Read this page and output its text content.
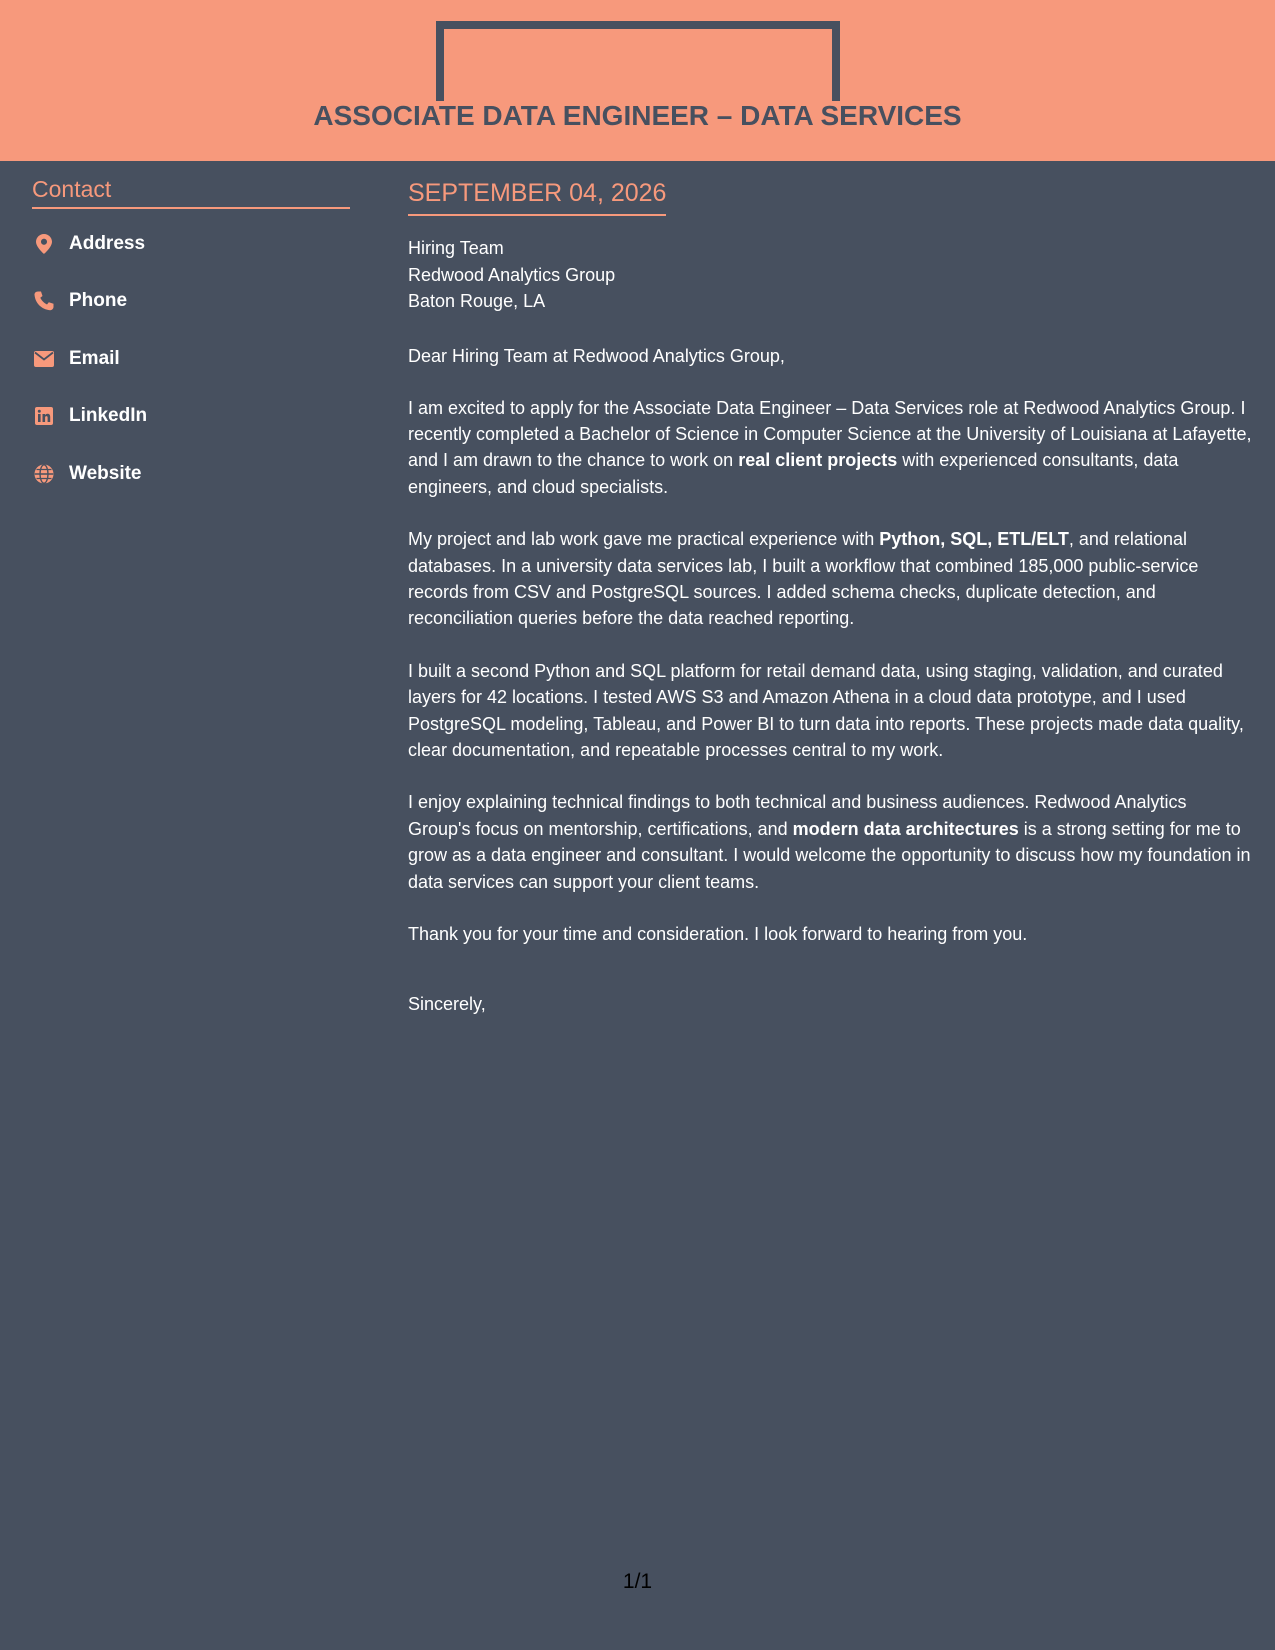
ASSOCIATE DATA ENGINEER – DATA SERVICES
Contact
Address
Phone
Email
LinkedIn
Website
SEPTEMBER 04, 2026
Hiring Team
Redwood Analytics Group
Baton Rouge, LA
Dear Hiring Team at Redwood Analytics Group,
I am excited to apply for the Associate Data Engineer – Data Services role at Redwood Analytics Group. I recently completed a Bachelor of Science in Computer Science at the University of Louisiana at Lafayette, and I am drawn to the chance to work on real client projects with experienced consultants, data engineers, and cloud specialists.
My project and lab work gave me practical experience with Python, SQL, ETL/ELT, and relational databases. In a university data services lab, I built a workflow that combined 185,000 public-service records from CSV and PostgreSQL sources. I added schema checks, duplicate detection, and reconciliation queries before the data reached reporting.
I built a second Python and SQL platform for retail demand data, using staging, validation, and curated layers for 42 locations. I tested AWS S3 and Amazon Athena in a cloud data prototype, and I used PostgreSQL modeling, Tableau, and Power BI to turn data into reports. These projects made data quality, clear documentation, and repeatable processes central to my work.
I enjoy explaining technical findings to both technical and business audiences. Redwood Analytics Group's focus on mentorship, certifications, and modern data architectures is a strong setting for me to grow as a data engineer and consultant. I would welcome the opportunity to discuss how my foundation in data services can support your client teams.
Thank you for your time and consideration. I look forward to hearing from you.
Sincerely,
1/1
